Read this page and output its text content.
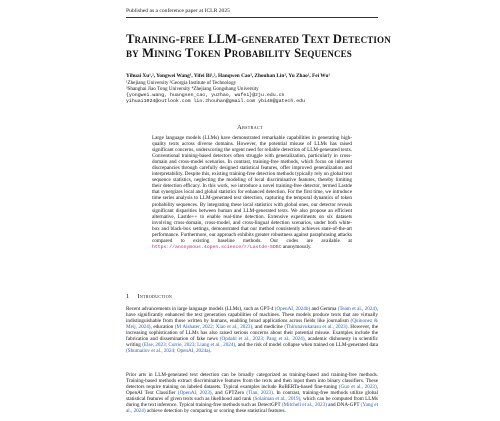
Published as a conference paper at ICLR 2025
Training-free LLM-generated Text Detection
by Mining Token Probability Sequences
Yihuai Xu¹,², Yongwei Wang¹, Yifei Bi¹,², Hanqwen Cao³, Zhouhan Lin³, Yu Zhao¹, Fei Wu¹
¹Zhejiang University ²Georgia Institute of Technology
³Shanghai Jiao Tong University ⁴Zhejiang Gongshang University
{yongwei.wang, huangsen_cao, yuzhao, wufei}@zju.edu.cn
yihuai1024@outlook.com lin.zhouhan@gmail.com ybi48@gatech.edu
Abstract
Large language models (LLMs) have demonstrated remarkable capabilities in generating high-quality texts across diverse domains. However, the potential misuse of LLMs has raised significant concerns, underscoring the urgent need for reliable detection of LLM-generated texts. Conventional training-based detectors often struggle with generalization, particularly in cross-domain and cross-model scenarios. In contrast, training-free methods, which focus on inherent discrepancies through carefully designed statistical features, offer improved generalization and interpretability. Despite this, existing training-free detection methods typically rely on global text sequence statistics, neglecting the modeling of local discriminative features, thereby limiting their detection efficacy. In this work, we introduce a novel training-free detector, termed Lastde that synergizes local and global statistics for enhanced detection. For the first time, we introduce time series analysis to LLM-generated text detection, capturing the temporal dynamics of token probability sequences. By integrating these local statistics with global ones, our detector reveals significant disparities between human and LLM-generated texts. We also propose an efficient alternative, Lastde++ to enable real-time detection. Extensive experiments on six datasets involving cross-domain, cross-model, and cross-lingual detection scenarios, under both white-box and black-box settings, demonstrated that our method consistently achieves state-of-the-art performance. Furthermore, our approach exhibits greater robustness against paraphrasing attacks compared to existing baseline methods. Our codes are available at https://anonymous.4open.science/r/Lastde-5DBC anonymously.
1 Introduction
Recent advancements in large language models (LLMs), such as GPT-4 (OpenAI, 2024b) and Gemma (Team et al., 2024), have significantly enhanced the text generation capabilities of machines. These models produce texts that are virtually indistinguishable from those written by humans, enabling broad applications across fields like journalism (Quinonez & Meij, 2024), education (M Alshater, 2022; Xiao et al., 2023), and medicine (Thirunavukarasu et al., 2023). However, the increasing sophistication of LLMs has also raised serious concerns about their potential misuse. Examples include the fabrication and dissemination of fake news (Opdahl et al., 2023; Pang et al., 2024), academic dishonesty in scientific writing (Else, 2023; Currie, 2023; Liang et al., 2024), and the risk of model collapse when trained on LLM-generated data (Shumailov et al., 2024; OpenAI, 2024a).
Prior arts in LLM-generated text detection can be broadly categorized as training-based and training-free methods. Training-based methods extract discriminative features from the texts and then input them into binary classifiers. These detectors require training on labeled datasets. Typical examples include RoBERTa-based fine-tuning (Guo et al., 2023), OpenAI Text Classifier (OpenAI, 2023), and GPTZero (Tian, 2023). In contrast, training-free methods utilize global statistical features of given texts such as likelihood and rank (Solaiman et al., 2019), which can be computed from LLMs during the text inference. Typical training-free methods such as DetectGPT (Mitchell et al., 2023) and DNA-GPT (Yang et al., 2024) achieve detection by comparing or scoring these statistical features.
